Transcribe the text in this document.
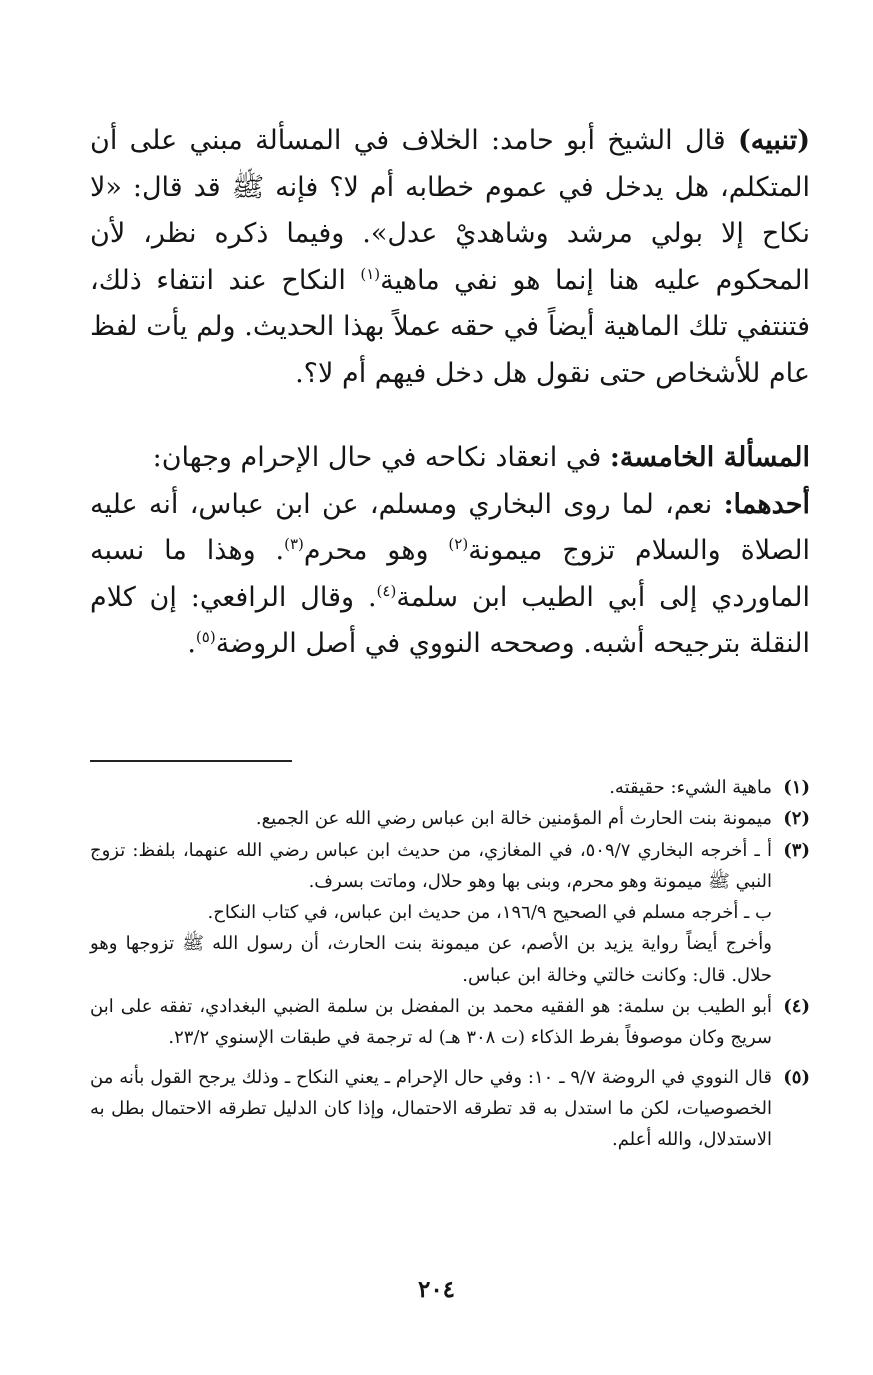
(تنبيه) قال الشيخ أبو حامد: الخلاف في المسألة مبني على أن المتكلم، هل يدخل في عموم خطابه أم لا؟ فإنه ﷺ قد قال: «لا نكاح إلا بولي مرشد وشاهديْ عدل». وفيما ذكره نظر، لأن المحكوم عليه هنا إنما هو نفي ماهية$^{(١)}$ النكاح عند انتفاء ذلك، فتنتفي تلك الماهية أيضاً في حقه عملاً بهذا الحديث. ولم يأت لفظ عام للأشخاص حتى نقول هل دخل فيهم أم لا؟.

المسألة الخامسة: في انعقاد نكاحه في حال الإحرام وجهان:

أحدهما: نعم، لما روى البخاري ومسلم، عن ابن عباس، أنه عليه الصلاة والسلام تزوج ميمونة$^{(٢)}$ وهو محرم$^{(٣)}$. وهذا ما نسبه الماوردي إلى أبي الطيب ابن سلمة$^{(٤)}$. وقال الرافعي: إن كلام النقلة بترجيحه أشبه. وصححه النووي في أصل الروضة$^{(٥)}$.

(١)
ماهية الشيء: حقيقته.
(٢)
ميمونة بنت الحارث أم المؤمنين خالة ابن عباس رضي الله عن الجميع.
(٣)
أ ـ أخرجه البخاري ٥٠٩/٧، في المغازي، من حديث ابن عباس رضي الله عنهما، بلفظ: تزوج النبي ﷺ ميمونة وهو محرم، وبنى بها وهو حلال، وماتت بسرف.
ب ـ أخرجه مسلم في الصحيح ١٩٦/٩، من حديث ابن عباس، في كتاب النكاح.
وأخرج أيضاً رواية يزيد بن الأصم، عن ميمونة بنت الحارث، أن رسول الله ﷺ تزوجها وهو حلال. قال: وكانت خالتي وخالة ابن عباس.
(٤)
أبو الطيب بن سلمة: هو الفقيه محمد بن المفضل بن سلمة الضبي البغدادي، تفقه على ابن سريج وكان موصوفاً بفرط الذكاء (ت ٣٠٨ هـ) له ترجمة في طبقات الإسنوي ٢٣/٢.
(٥)
قال النووي في الروضة ٩/٧ ـ ١٠: وفي حال الإحرام ـ يعني النكاح ـ وذلك يرجح القول بأنه من الخصوصيات، لكن ما استدل به قد تطرقه الاحتمال، وإذا كان الدليل تطرقه الاحتمال بطل به الاستدلال، والله أعلم.
٢٠٤
